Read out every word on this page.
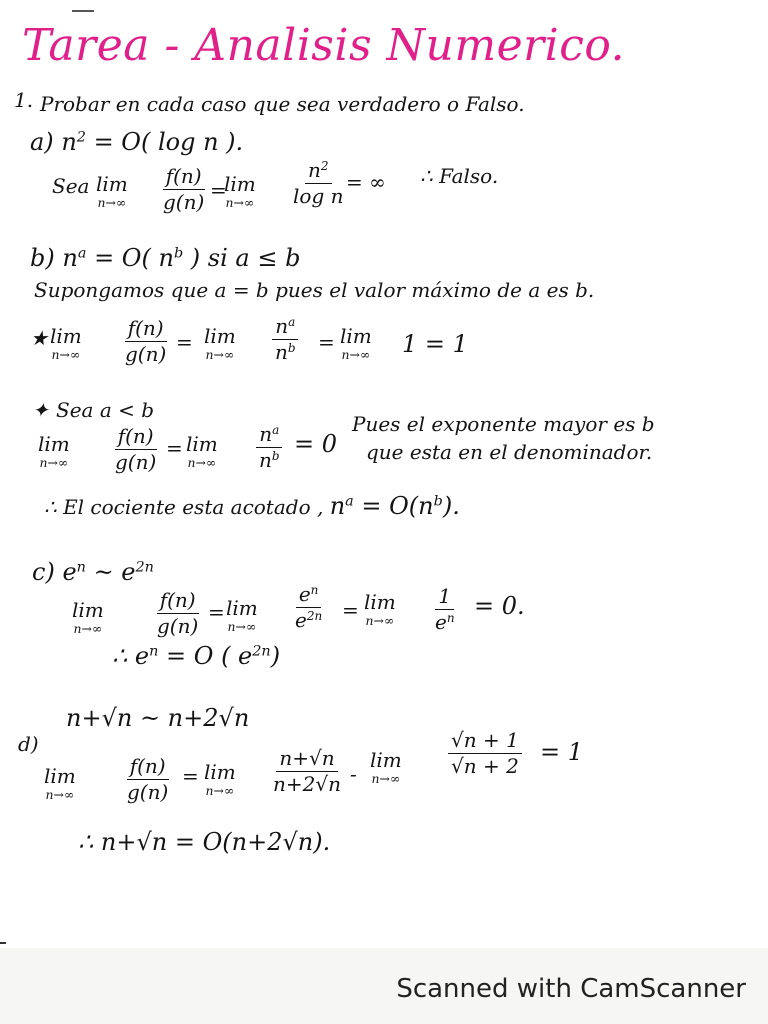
Tarea - Analisis Numerico.
1. Probar en cada caso que sea verdadero o Falso.
a) $n^2 = O$( log n ).
Sea lim
$n\to\infty \frac{f(n)}{g(n)}$ =
lim
$n\to\infty \frac{n^2}{\text{log n}}$ = ∞ ∴ Falso.
b) $n^a = O$( $n^b$ ) si a ≤ b
Supongamos que a = b pues el valor máximo de a es b.
★ lim
$n\to\infty \frac{f(n)}{g(n)} = \lim$
$n\to\infty \frac{n^a}{n^b} = \lim$
n→∞ 1 = 1
✦ Sea a < b
lim
$n\to\infty \frac{f(n)}{g(n)} = \lim$
$n\to\infty \frac{n^a}{n^b} = 0$
Pues el exponente mayor es b
que esta en el denominador.
∴ El cociente esta acotado , $n^a = O(n^b)$.
c) $e^n$ ~ $e^{2n}$
lim
n→∞	$\frac{f(n)}{g(n)} = \lim$
$n\to\infty \frac{e^n}{e^{2n}} = \lim$
$n\to\infty \frac{1}{e^n} = 0$.
∴ $e^n = O$ ( $e^{2n}$)
n+√n ~ n+2√n
d)
lim
$n\to\infty \frac{f(n)}{g(n)} = \lim$
$n\to\infty \frac{n+√n}{n+2√n}$ -
lim
$n\to\infty \frac{√n + 1}{√n + 2} = 1$
∴ n+√n = O(n+2√n).
Scanned with CamScanner
